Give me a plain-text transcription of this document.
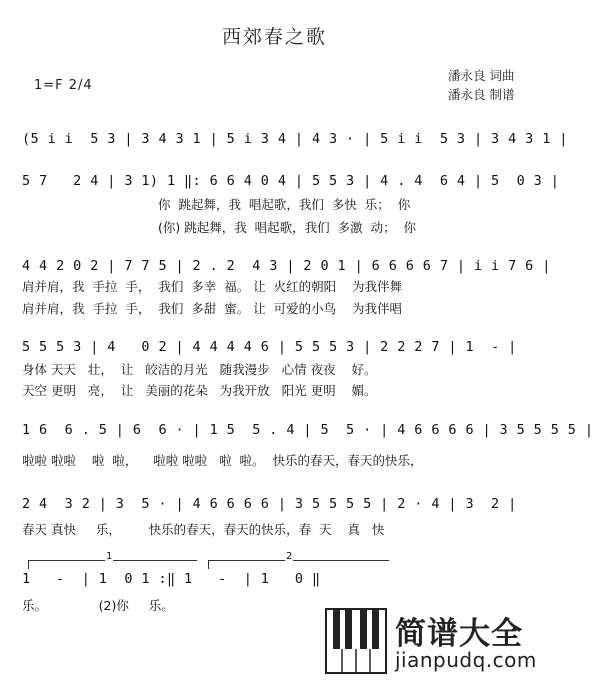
西郊春之歌
1=F 2/4
潘永良 词曲
潘永良 制谱
(5 i i  5 3 | 3 4 3 1 | 5 i 3 4 | 4 3 · | 5 i i  5 3 | 3 4 3 1 |
5 7   2 4 | 3 1) 1 ‖: 6 6 4 0 4 | 5 5 3 | 4 . 4  6 4 | 5  0 3 |
你  跳起舞，我  唱起歌，我们  多快  乐；  你
(你) 跳起舞，我  唱起歌，我们  多激  动；  你
4 4 2 0 2 | 7 7 5 | 2 . 2  4 3 | 2 0 1 | 6 6 6 6 7 | i i 7 6 |
肩并肩，我  手拉  手，  我们  多幸  福。 让  火红的朝阳    为我伴舞
肩并肩，我  手拉  手，  我们  多甜  蜜。 让  可爱的小鸟    为我伴唱
5 5 5 3 | 4   0 2 | 4 4 4 4 6 | 5 5 5 3 | 2 2 2 7 | 1  - |
身体 天天   壮，  让   皎洁的月光   随我漫步   心情 夜夜    好。
天空 更明   亮，  让   美丽的花朵   为我开放   阳光 更明    媚。
1 6  6 . 5 | 6  6 · | 1 5  5 . 4 | 5  5 · | 4 6 6 6 6 | 3 5 5 5 5 |
啦啦 啦啦    啦  啦，    啦啦 啦啦   啦  啦。  快乐的春天，春天的快乐，
2 4  3 2 | 3  5 · | 4 6 6 6 6 | 3 5 5 5 5 | 2 · 4 | 3  2 |
春天 真快     乐，       快乐的春天，春天的快乐，春  天    真   快
1	2
1   -  | 1  0 1 :‖ 1   -  | 1   0 ‖
乐。             (2)你     乐。
简谱大全
jianpudq.com
